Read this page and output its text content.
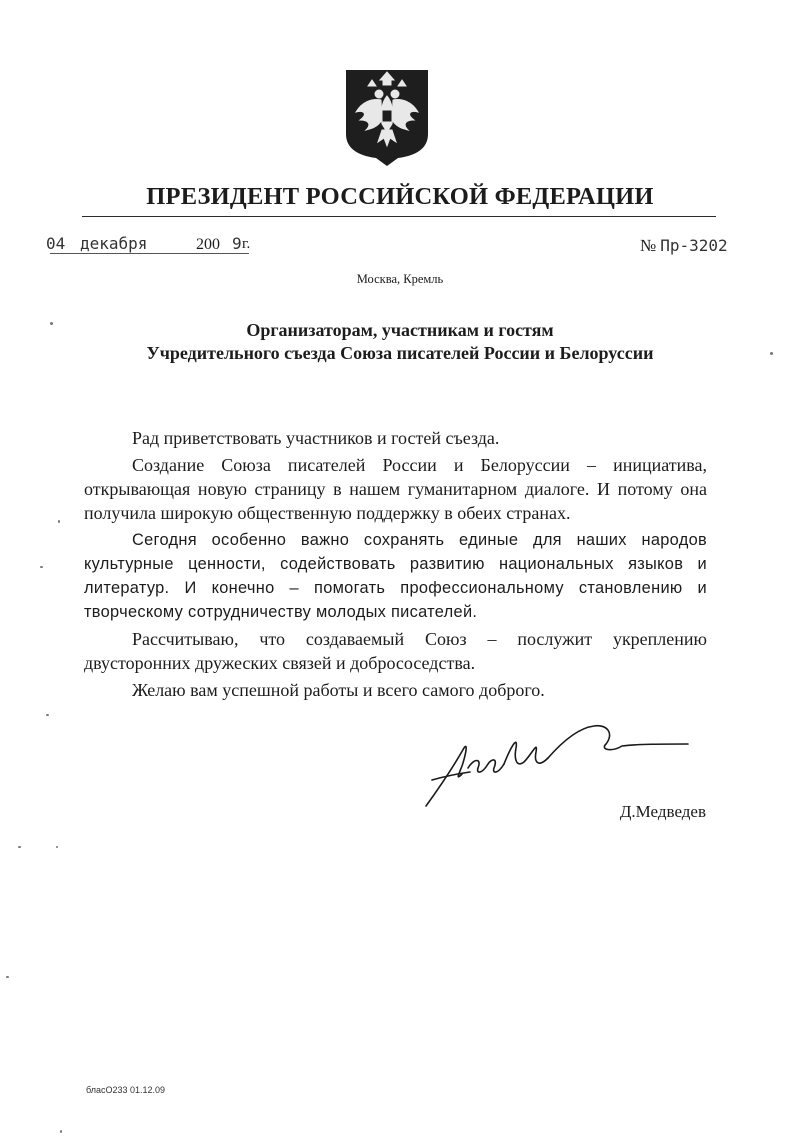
ПРЕЗИДЕНТ РОССИЙСКОЙ ФЕДЕРАЦИИ
04 декабря	200 9 г.	№ Пр-3202
Москва, Кремль
Организаторам, участникам и гостям
Учредительного съезда Союза писателей России и Белоруссии

Рад приветствовать участников и гостей съезда.

Создание Союза писателей России и Белоруссии – инициатива, открывающая новую страницу в нашем гуманитарном диалоге. И потому она получила широкую общественную поддержку в обеих странах.

Сегодня особенно важно сохранять единые для наших народов культурные ценности, содействовать развитию национальных языков и литератур. И конечно – помогать профессиональному становлению и творческому сотрудничеству молодых писателей.

Рассчитываю, что создаваемый Союз – послужит укреплению двусторонних дружеских связей и добрососедства.

Желаю вам успешной работы и всего самого доброго.

Д.Медведев
бласО233 01.12.09
